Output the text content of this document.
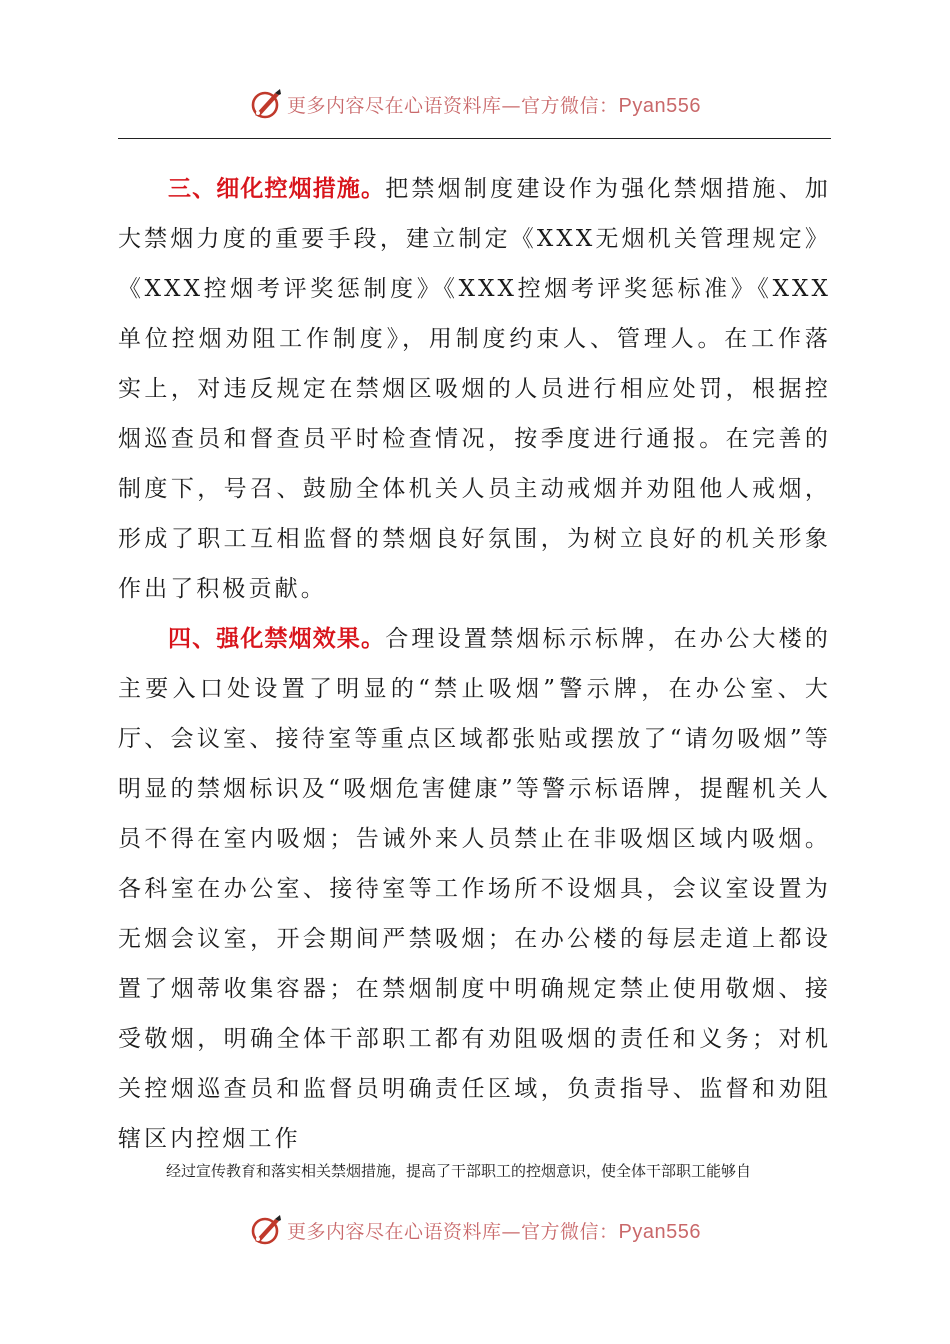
更多内容尽在心语资料库—官方微信：Pyan556

三、细化控烟措施。把禁烟制度建设作为强化禁烟措施、加大禁烟力度的重要手段，建立制定《XXX无烟机关管理规定》《XXX控烟考评奖惩制度》《XXX控烟考评奖惩标准》《XXX单位控烟劝阻工作制度》，用制度约束人、管理人。在工作落实上，对违反规定在禁烟区吸烟的人员进行相应处罚，根据控烟巡查员和督查员平时检查情况，按季度进行通报。在完善的制度下，号召、鼓励全体机关人员主动戒烟并劝阻他人戒烟，形成了职工互相监督的禁烟良好氛围，为树立良好的机关形象作出了积极贡献。

四、强化禁烟效果。合理设置禁烟标示标牌，在办公大楼的主要入口处设置了明显的“禁止吸烟”警示牌，在办公室、大厅、会议室、接待室等重点区域都张贴或摆放了“请勿吸烟”等明显的禁烟标识及“吸烟危害健康”等警示标语牌，提醒机关人员不得在室内吸烟；告诫外来人员禁止在非吸烟区域内吸烟。各科室在办公室、接待室等工作场所不设烟具，会议室设置为无烟会议室，开会期间严禁吸烟；在办公楼的每层走道上都设置了烟蒂收集容器；在禁烟制度中明确规定禁止使用敬烟、接受敬烟，明确全体干部职工都有劝阻吸烟的责任和义务；对机关控烟巡查员和监督员明确责任区域，负责指导、监督和劝阻辖区内控烟工作

经过宣传教育和落实相关禁烟措施，提高了干部职工的控烟意识，使全体干部职工能够自
更多内容尽在心语资料库—官方微信：Pyan556
